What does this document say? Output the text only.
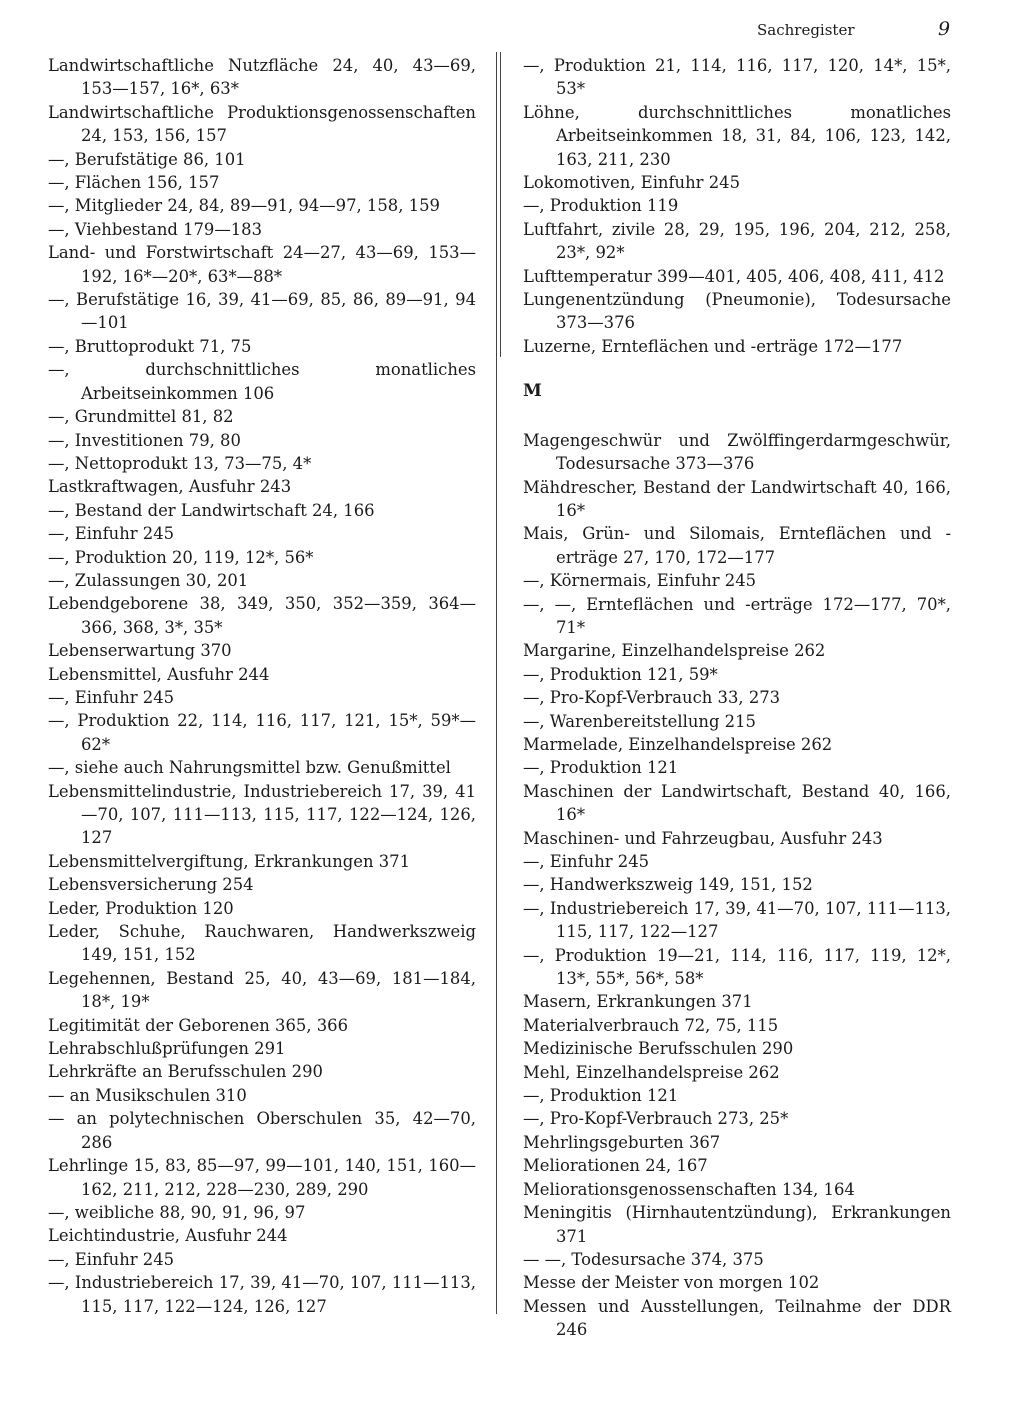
Sachregister	9

Landwirtschaftliche Nutzfläche 24, 40, 43—69, 153—157, 16*, 63*

Landwirtschaftliche Produktionsgenossenschaften 24, 153, 156, 157

—, Berufstätige 86, 101

—, Flächen 156, 157

—, Mitglieder 24, 84, 89—91, 94—97, 158, 159

—, Viehbestand 179—183

Land- und Forstwirtschaft 24—27, 43—69, 153—192, 16*—20*, 63*—88*

—, Berufstätige 16, 39, 41—69, 85, 86, 89—91, 94—101

—, Bruttoprodukt 71, 75

—, durchschnittliches monatliches Arbeitseinkommen 106

—, Grundmittel 81, 82

—, Investitionen 79, 80

—, Nettoprodukt 13, 73—75, 4*

Lastkraftwagen, Ausfuhr 243

—, Bestand der Landwirtschaft 24, 166

—, Einfuhr 245

—, Produktion 20, 119, 12*, 56*

—, Zulassungen 30, 201

Lebendgeborene 38, 349, 350, 352—359, 364—366, 368, 3*, 35*

Lebenserwartung 370

Lebensmittel, Ausfuhr 244

—, Einfuhr 245

—, Produktion 22, 114, 116, 117, 121, 15*, 59*—62*

—, siehe auch Nahrungsmittel bzw. Genußmittel

Lebensmittelindustrie, Industriebereich 17, 39, 41—70, 107, 111—113, 115, 117, 122—124, 126, 127

Lebensmittelvergiftung, Erkrankungen 371

Lebensversicherung 254

Leder, Produktion 120

Leder, Schuhe, Rauchwaren, Handwerkszweig 149, 151, 152

Legehennen, Bestand 25, 40, 43—69, 181—184, 18*, 19*

Legitimität der Geborenen 365, 366

Lehrabschlußprüfungen 291

Lehrkräfte an Berufsschulen 290

— an Musikschulen 310

— an polytechnischen Oberschulen 35, 42—70, 286

Lehrlinge 15, 83, 85—97, 99—101, 140, 151, 160—162, 211, 212, 228—230, 289, 290

—, weibliche 88, 90, 91, 96, 97

Leichtindustrie, Ausfuhr 244

—, Einfuhr 245

—, Industriebereich 17, 39, 41—70, 107, 111—113, 115, 117, 122—124, 126, 127

—, Produktion 21, 114, 116, 117, 120, 14*, 15*, 53*

Löhne, durchschnittliches monatliches Arbeitseinkommen 18, 31, 84, 106, 123, 142, 163, 211, 230

Lokomotiven, Einfuhr 245

—, Produktion 119

Luftfahrt, zivile 28, 29, 195, 196, 204, 212, 258, 23*, 92*

Lufttemperatur 399—401, 405, 406, 408, 411, 412

Lungenentzündung (Pneumonie), Todesursache 373—376

Luzerne, Ernteflächen und -erträge 172—177

M

Magengeschwür und Zwölffingerdarmgeschwür, Todesursache 373—376

Mähdrescher, Bestand der Landwirtschaft 40, 166, 16*

Mais, Grün- und Silomais, Ernteflächen und -erträge 27, 170, 172—177

—, Körnermais, Einfuhr 245

—, —, Ernteflächen und -erträge 172—177, 70*, 71*

Margarine, Einzelhandelspreise 262

—, Produktion 121, 59*

—, Pro-Kopf-Verbrauch 33, 273

—, Warenbereitstellung 215

Marmelade, Einzelhandelspreise 262

—, Produktion 121

Maschinen der Landwirtschaft, Bestand 40, 166, 16*

Maschinen- und Fahrzeugbau, Ausfuhr 243

—, Einfuhr 245

—, Handwerkszweig 149, 151, 152

—, Industriebereich 17, 39, 41—70, 107, 111—113, 115, 117, 122—127

—, Produktion 19—21, 114, 116, 117, 119, 12*, 13*, 55*, 56*, 58*

Masern, Erkrankungen 371

Materialverbrauch 72, 75, 115

Medizinische Berufsschulen 290

Mehl, Einzelhandelspreise 262

—, Produktion 121

—, Pro-Kopf-Verbrauch 273, 25*

Mehrlingsgeburten 367

Meliorationen 24, 167

Meliorationsgenossenschaften 134, 164

Meningitis (Hirnhautentzündung), Erkrankungen 371

— —, Todesursache 374, 375

Messe der Meister von morgen 102

Messen und Ausstellungen, Teilnahme der DDR 246
